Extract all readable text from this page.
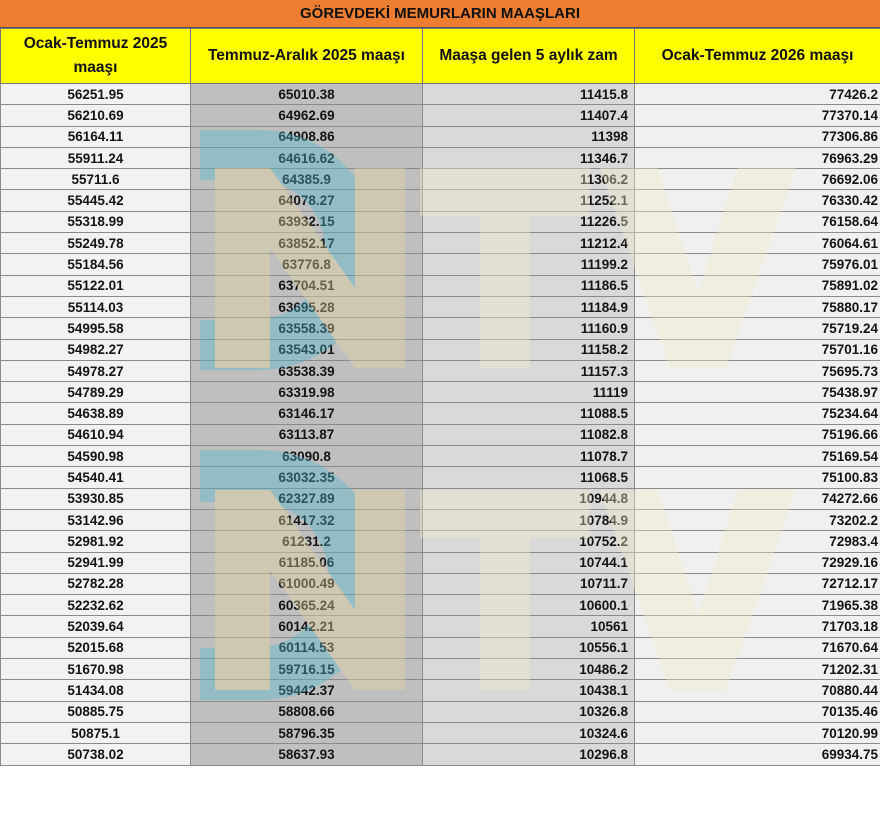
GÖREVDEKİ MEMURLARIN MAAŞLARI
Ocak-Temmuz 2025 maaşı	Temmuz-Aralık 2025 maaşı	Maaşa gelen 5 aylık zam	Ocak-Temmuz 2026 maaşı
56251.95	65010.38	11415.8	77426.2
56210.69	64962.69	11407.4	77370.14
56164.11	64908.86	11398	77306.86
55911.24	64616.62	11346.7	76963.29
55711.6	64385.9	11306.2	76692.06
55445.42	64078.27	11252.1	76330.42
55318.99	63932.15	11226.5	76158.64
55249.78	63852.17	11212.4	76064.61
55184.56	63776.8	11199.2	75976.01
55122.01	63704.51	11186.5	75891.02
55114.03	63695.28	11184.9	75880.17
54995.58	63558.39	11160.9	75719.24
54982.27	63543.01	11158.2	75701.16
54978.27	63538.39	11157.3	75695.73
54789.29	63319.98	11119	75438.97
54638.89	63146.17	11088.5	75234.64
54610.94	63113.87	11082.8	75196.66
54590.98	63090.8	11078.7	75169.54
54540.41	63032.35	11068.5	75100.83
53930.85	62327.89	10944.8	74272.66
53142.96	61417.32	10784.9	73202.2
52981.92	61231.2	10752.2	72983.4
52941.99	61185.06	10744.1	72929.16
52782.28	61000.49	10711.7	72712.17
52232.62	60365.24	10600.1	71965.38
52039.64	60142.21	10561	71703.18
52015.68	60114.53	10556.1	71670.64
51670.98	59716.15	10486.2	71202.31
51434.08	59442.37	10438.1	70880.44
50885.75	58808.66	10326.8	70135.46
50875.1	58796.35	10324.6	70120.99
50738.02	58637.93	10296.8	69934.75
